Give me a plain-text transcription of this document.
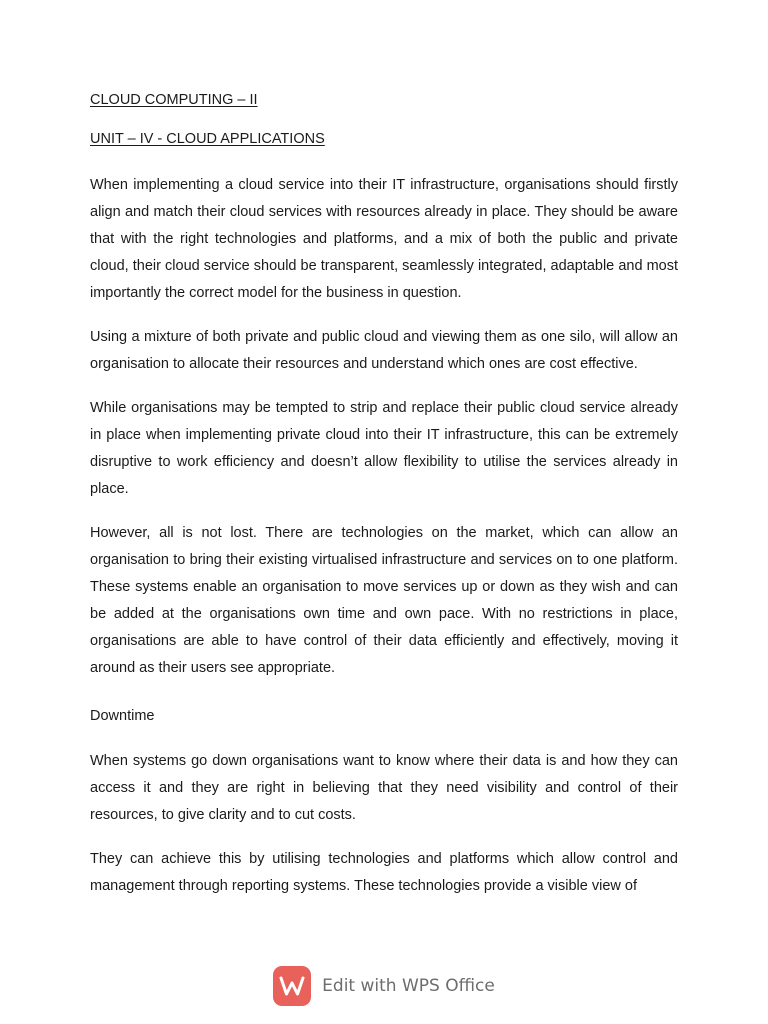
CLOUD COMPUTING – II

UNIT – IV - CLOUD APPLICATIONS

When implementing a cloud service into their IT infrastructure, organisations should firstly align and match their cloud services with resources already in place. They should be aware that with the right technologies and platforms, and a mix of both the public and private cloud, their cloud service should be transparent, seamlessly integrated, adaptable and most importantly the correct model for the business in question.

Using a mixture of both private and public cloud and viewing them as one silo, will allow an organisation to allocate their resources and understand which ones are cost effective.

While organisations may be tempted to strip and replace their public cloud service already in place when implementing private cloud into their IT infrastructure, this can be extremely disruptive to work efficiency and doesn’t allow flexibility to utilise the services already in place.

However, all is not lost. There are technologies on the market, which can allow an organisation to bring their existing virtualised infrastructure and services on to one platform. These systems enable an organisation to move services up or down as they wish and can be added at the organisations own time and own pace. With no restrictions in place, organisations are able to have control of their data efficiently and effectively, moving it around as their users see appropriate.

Downtime

When systems go down organisations want to know where their data is and how they can access it and they are right in believing that they need visibility and control of their resources, to give clarity and to cut costs.

They can achieve this by utilising technologies and platforms which allow control and management through reporting systems. These technologies provide a visible view of

Edit with WPS Office
